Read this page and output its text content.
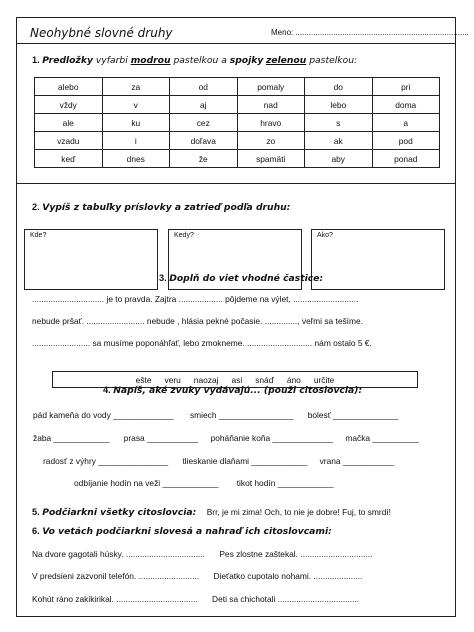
Neohybné slovné druhy	Meno: ..............................................................................
1. Predložky vyfarbi modrou pastelkou a spojky zelenou pastelkou:
alebo	za	od	pomaly	do	pri
vždy	v	aj	nad	lebo	doma
ale	ku	cez	hravo	s	a
vzadu	i	doľava	zo	ak	pod
keď	dnes	že	spamäti	aby	ponad
2. Vypíš z tabuľky príslovky a zatrieď podľa druhu:
Kde?	Kedy?	Ako?
3. Doplň do viet vhodné častice:
............................... je to pravda. Zajtra ................... pôjdeme na výlet, ............................
nebude pršať. ......................... nebude , hlásia pekné počasie. .............., veľmi sa tešíme.
......................... sa musíme poponáhľať, lebo zmokneme. ............................ nám ostalo 5 €.
ešte veru naozaj asi snáď áno určite
4. Napíš, aké zvuky vydávajú... (použi citoslovcia):
pád kameňa do vody _____________ smiech ________________ bolesť ______________
žaba ____________ prasa ___________ poháňanie koňa _____________ mačka __________
radosť z výhry _______________ tlieskanie dlaňami ____________ vrana ___________
odbíjanie hodín na veži ____________ tikot hodín ____________
5. Podčiarkni všetky citoslovcia: Brr, je mi zima! Och, to nie je dobre! Fuj, to smrdí!
6. Vo vetách podčiarkni slovesá a nahraď ich citoslovcami:
Na dvore gagotali húsky. .................................. Pes zlostne zaštekal. ...............................
V predsieni zazvonil telefón. .......................... Dieťatko cupotalo nohami. .....................
Kohút ráno zakikirikal. ................................... Deti sa chichotali ...................................
